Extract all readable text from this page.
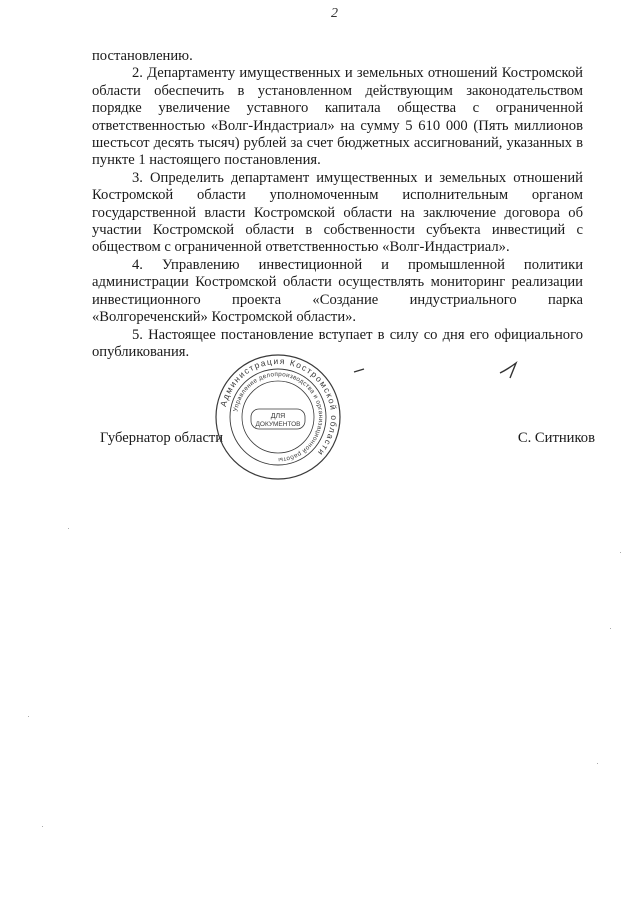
2

постановлению.

2. Департаменту имущественных и земельных отношений Костромской области обеспечить в установленном действующим законодательством порядке увеличение уставного капитала общества с ограниченной ответственностью «Волг-Индастриал» на сумму 5 610 000 (Пять миллионов шестьсот десять тысяч) рублей за счет бюджетных ассигнований, указанных в пункте 1 настоящего постановления.

3. Определить департамент имущественных и земельных отношений Костромской области уполномоченным исполнительным органом государственной власти Костромской области на заключение договора об участии Костромской области в собственности субъекта инвестиций с обществом с ограниченной ответственностью «Волг-Индастриал».

4. Управлению инвестиционной и промышленной политики администрации Костромской области осуществлять мониторинг реализации инвестиционного проекта «Создание индустриального парка «Волгореченский» Костромской области».

5. Настоящее постановление вступает в силу со дня его официального опубликования.

Губернатор области	С. Ситников
Администрация Костромской области
Управление делопроизводства и организационной работы
ДЛЯ
ДОКУМЕНТОВ
